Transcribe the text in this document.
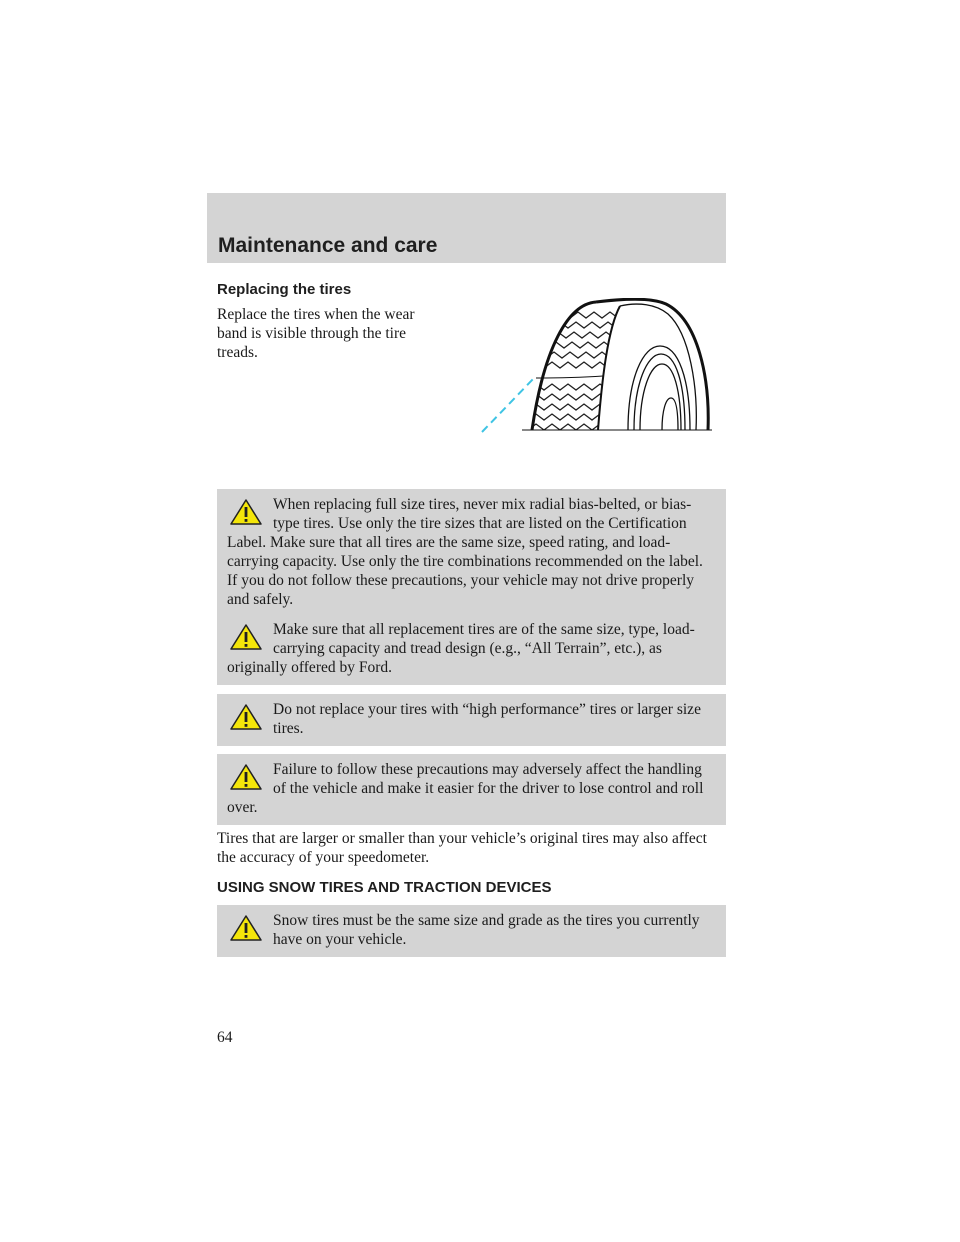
Maintenance and care
Replacing the tires

Replace the tires when the wear band is visible through the tire treads.

When replacing full size tires, never mix radial bias-belted, or bias-type tires. Use only the tire sizes that are listed on the Certification Label. Make sure that all tires are the same size, speed rating, and load-carrying capacity. Use only the tire combinations recommended on the label. If you do not follow these precautions, your vehicle may not drive properly and safely.

Make sure that all replacement tires are of the same size, type, load-carrying capacity and tread design (e.g., “All Terrain”, etc.), as originally offered by Ford.

Do not replace your tires with “high performance” tires or larger size tires.

Failure to follow these precautions may adversely affect the handling of the vehicle and make it easier for the driver to lose control and roll over.

Tires that are larger or smaller than your vehicle’s original tires may also affect the accuracy of your speedometer.

USING SNOW TIRES AND TRACTION DEVICES

Snow tires must be the same size and grade as the tires you currently have on your vehicle.

64
